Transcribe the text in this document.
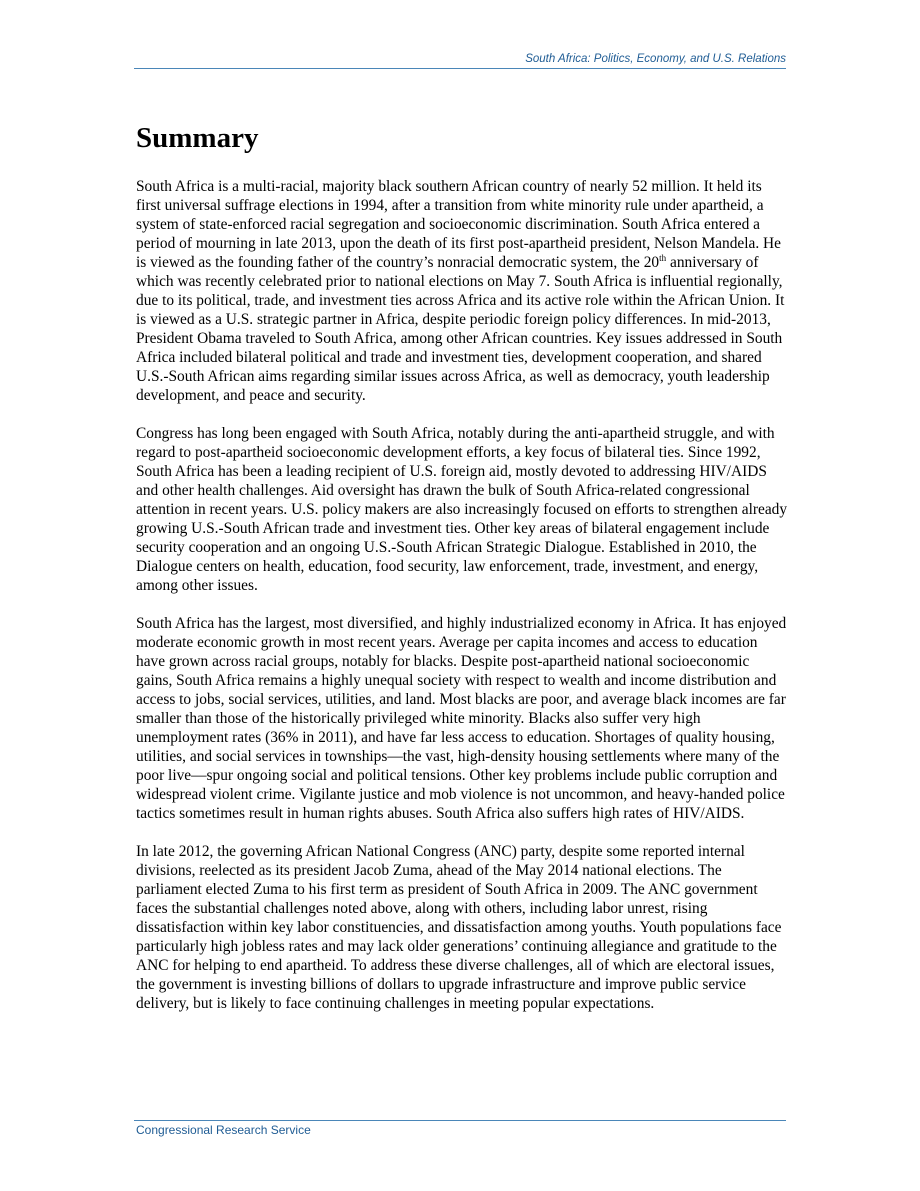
South Africa: Politics, Economy, and U.S. Relations
Summary

South Africa is a multi-racial, majority black southern African country of nearly 52 million. It held its first universal suffrage elections in 1994, after a transition from white minority rule under apartheid, a system of state-enforced racial segregation and socioeconomic discrimination. South Africa entered a period of mourning in late 2013, upon the death of its first post-apartheid president, Nelson Mandela. He is viewed as the founding father of the country’s nonracial democratic system, the 20th anniversary of which was recently celebrated prior to national elections on May 7. South Africa is influential regionally, due to its political, trade, and investment ties across Africa and its active role within the African Union. It is viewed as a U.S. strategic partner in Africa, despite periodic foreign policy differences. In mid-2013, President Obama traveled to South Africa, among other African countries. Key issues addressed in South Africa included bilateral political and trade and investment ties, development cooperation, and shared U.S.-South African aims regarding similar issues across Africa, as well as democracy, youth leadership development, and peace and security.

Congress has long been engaged with South Africa, notably during the anti-apartheid struggle, and with regard to post-apartheid socioeconomic development efforts, a key focus of bilateral ties. Since 1992, South Africa has been a leading recipient of U.S. foreign aid, mostly devoted to addressing HIV/AIDS and other health challenges. Aid oversight has drawn the bulk of South Africa-related congressional attention in recent years. U.S. policy makers are also increasingly focused on efforts to strengthen already growing U.S.-South African trade and investment ties. Other key areas of bilateral engagement include security cooperation and an ongoing U.S.-South African Strategic Dialogue. Established in 2010, the Dialogue centers on health, education, food security, law enforcement, trade, investment, and energy, among other issues.

South Africa has the largest, most diversified, and highly industrialized economy in Africa. It has enjoyed moderate economic growth in most recent years. Average per capita incomes and access to education have grown across racial groups, notably for blacks. Despite post-apartheid national socioeconomic gains, South Africa remains a highly unequal society with respect to wealth and income distribution and access to jobs, social services, utilities, and land. Most blacks are poor, and average black incomes are far smaller than those of the historically privileged white minority. Blacks also suffer very high unemployment rates (36% in 2011), and have far less access to education. Shortages of quality housing, utilities, and social services in townships—the vast, high-density housing settlements where many of the poor live—spur ongoing social and political tensions. Other key problems include public corruption and widespread violent crime. Vigilante justice and mob violence is not uncommon, and heavy-handed police tactics sometimes result in human rights abuses. South Africa also suffers high rates of HIV/AIDS.

In late 2012, the governing African National Congress (ANC) party, despite some reported internal divisions, reelected as its president Jacob Zuma, ahead of the May 2014 national elections. The parliament elected Zuma to his first term as president of South Africa in 2009. The ANC government faces the substantial challenges noted above, along with others, including labor unrest, rising dissatisfaction within key labor constituencies, and dissatisfaction among youths. Youth populations face particularly high jobless rates and may lack older generations’ continuing allegiance and gratitude to the ANC for helping to end apartheid. To address these diverse challenges, all of which are electoral issues, the government is investing billions of dollars to upgrade infrastructure and improve public service delivery, but is likely to face continuing challenges in meeting popular expectations.

Congressional Research Service
